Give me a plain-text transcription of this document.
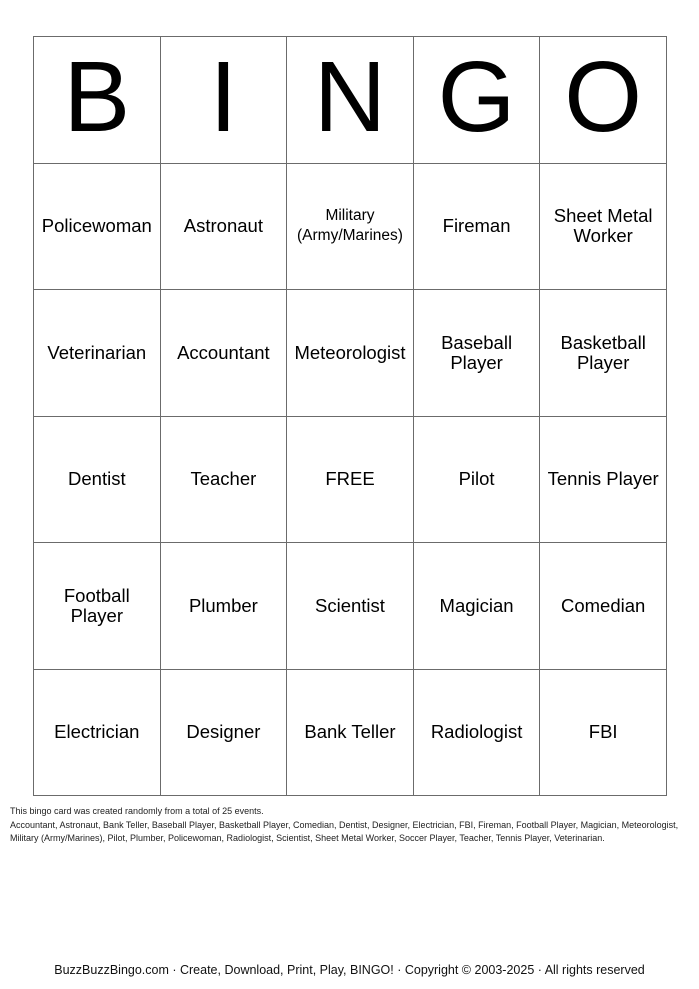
B	I	N	G	O
Policewoman	Astronaut	Military (Army/Marines)	Fireman	Sheet Metal Worker
Veterinarian	Accountant	Meteorologist	Baseball Player	Basketball Player
Dentist	Teacher	FREE	Pilot	Tennis Player
Football Player	Plumber	Scientist	Magician	Comedian
Electrician	Designer	Bank Teller	Radiologist	FBI

This bingo card was created randomly from a total of 25 events.

Accountant, Astronaut, Bank Teller, Baseball Player, Basketball Player, Comedian, Dentist, Designer, Electrician, FBI, Fireman, Football Player, Magician, Meteorologist, Military (Army/Marines), Pilot, Plumber, Policewoman, Radiologist, Scientist, Sheet Metal Worker, Soccer Player, Teacher, Tennis Player, Veterinarian.

BuzzBuzzBingo.com · Create, Download, Print, Play, BINGO! · Copyright © 2003-2025 · All rights reserved
